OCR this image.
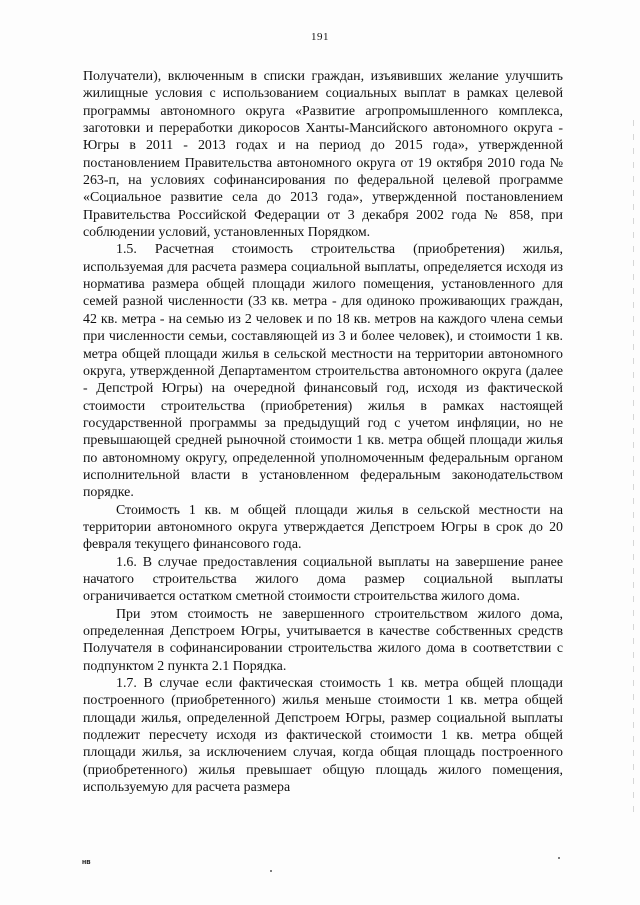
191

Получатели), включенным в списки граждан, изъявивших желание улучшить жилищные условия с использованием социальных выплат в рамках целевой программы автономного округа «Развитие агропромышленного комплекса, заготовки и переработки дикоросов Ханты-Мансийского автономного округа - Югры в 2011 - 2013 годах и на период до 2015 года», утвержденной постановлением Правительства автономного округа от 19 октября 2010 года № 263-п, на условиях софинансирования по федеральной целевой программе «Социальное развитие села до 2013 года», утвержденной постановлением Правительства Российской Федерации от 3 декабря 2002 года № 858, при соблюдении условий, установленных Порядком.

1.5. Расчетная стоимость строительства (приобретения) жилья, используемая для расчета размера социальной выплаты, определяется исходя из норматива размера общей площади жилого помещения, установленного для семей разной численности (33 кв. метра - для одиноко проживающих граждан, 42 кв. метра - на семью из 2 человек и по 18 кв. метров на каждого члена семьи при численности семьи, составляющей из 3 и более человек), и стоимости 1 кв. метра общей площади жилья в сельской местности на территории автономного округа, утвержденной Департаментом строительства автономного округа (далее - Депстрой Югры) на очередной финансовый год, исходя из фактической стоимости строительства (приобретения) жилья в рамках настоящей государственной программы за предыдущий год с учетом инфляции, но не превышающей средней рыночной стоимости 1 кв. метра общей площади жилья по автономному округу, определенной уполномоченным федеральным органом исполнительной власти в установленном федеральным законодательством порядке.

Стоимость 1 кв. м общей площади жилья в сельской местности на территории автономного округа утверждается Депстроем Югры в срок до 20 февраля текущего финансового года.

1.6. В случае предоставления социальной выплаты на завершение ранее начатого строительства жилого дома размер социальной выплаты ограничивается остатком сметной стоимости строительства жилого дома.

При этом стоимость не завершенного строительством жилого дома, определенная Депстроем Югры, учитывается в качестве собственных средств Получателя в софинансировании строительства жилого дома в соответствии с подпунктом 2 пункта 2.1 Порядка.

1.7. В случае если фактическая стоимость 1 кв. метра общей площади построенного (приобретенного) жилья меньше стоимости 1 кв. метра общей площади жилья, определенной Депстроем Югры, размер социальной выплаты подлежит пересчету исходя из фактической стоимости 1 кв. метра общей площади жилья, за исключением случая, когда общая площадь построенного (приобретенного) жилья превышает общую площадь жилого помещения, используемую для расчета размера

нв
